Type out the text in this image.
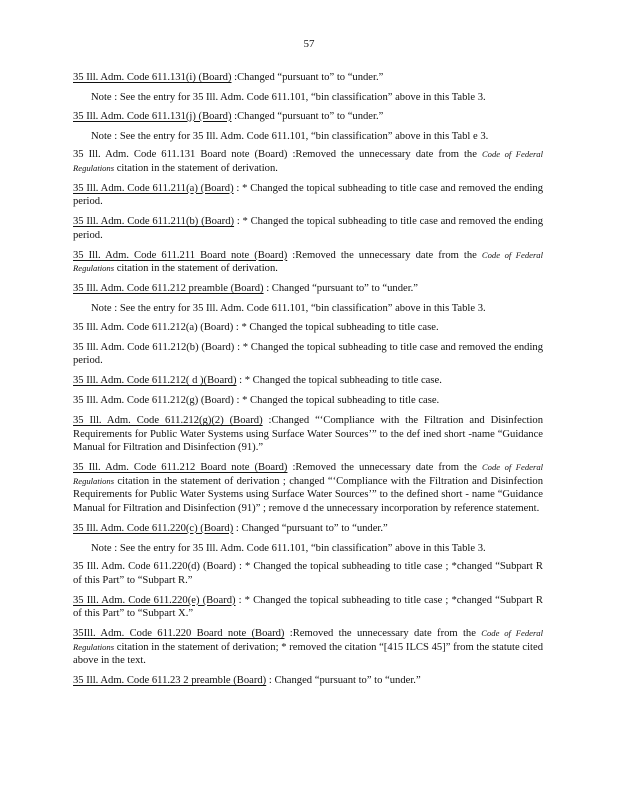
57
35 Ill. Adm. Code 611.131(i) (Board) :Changed “pursuant to” to “under.”
Note : See the entry for 35 Ill. Adm. Code 611.101, “bin classification” above in this Table 3.
35 Ill. Adm. Code 611.131(j) (Board) :Changed “pursuant to” to “under.”
Note : See the entry for 35 Ill. Adm. Code 611.101, “bin classification” above in this Tabl e 3.
35 Ill. Adm. Code 611.131 Board note (Board) :Removed the unnecessary date from the Code of Federal Regulations citation in the statement of derivation.
35 Ill. Adm. Code 611.211(a) (Board) : * Changed the topical subheading to title case and removed the ending period.
35 Ill. Adm. Code 611.211(b) (Board) : * Changed the topical subheading to title case and removed the ending period.
35 Ill. Adm. Code 611.211 Board note (Board) :Removed the unnecessary date from the Code of Federal Regulations citation in the statement of derivation.
35 Ill. Adm. Code 611.212 preamble (Board) : Changed “pursuant to” to “under.”
Note : See the entry for 35 Ill. Adm. Code 611.101, “bin classification” above in this Table 3.
35 Ill. Adm. Code 611.212(a) (Board) : * Changed the topical subheading to title case.
35 Ill. Adm. Code 611.212(b) (Board) : * Changed the topical subheading to title case and removed the ending period.
35 Ill. Adm. Code 611.212( d )(Board) : * Changed the topical subheading to title case.
35 Ill. Adm. Code 611.212(g) (Board) : * Changed the topical subheading to title case.
35 Ill. Adm. Code 611.212(g)(2) (Board) :Changed “‘Compliance with the Filtration and Disinfection Requirements for Public Water Systems using Surface Water Sources’” to the def ined short -name “Guidance Manual for Filtration and Disinfection (91).”
35 Ill. Adm. Code 611.212 Board note (Board) :Removed the unnecessary date from the Code of Federal Regulations citation in the statement of derivation ; changed “‘Compliance with the Filtration and Disinfection Requirements for Public Water Systems using Surface Water Sources’” to the defined short - name “Guidance Manual for Filtration and Disinfection (91)” ; remove d the unnecessary incorporation by reference statement.
35 Ill. Adm. Code 611.220(c) (Board) : Changed “pursuant to” to “under.”
Note : See the entry for 35 Ill. Adm. Code 611.101, “bin classification” above in this Table 3.
35 Ill. Adm. Code 611.220(d) (Board) : * Changed the topical subheading to title case ; *changed “Subpart R of this Part” to “Subpart R.”
35 Ill. Adm. Code 611.220(e) (Board) : * Changed the topical subheading to title case ; *changed “Subpart R of this Part” to “Subpart X.”
35Ill. Adm. Code 611.220 Board note (Board) :Removed the unnecessary date from the Code of Federal Regulations citation in the statement of derivation; * removed the citation “[415 ILCS 45]” from the statute cited above in the text.
35 Ill. Adm. Code 611.23 2 preamble (Board) : Changed “pursuant to” to “under.”
